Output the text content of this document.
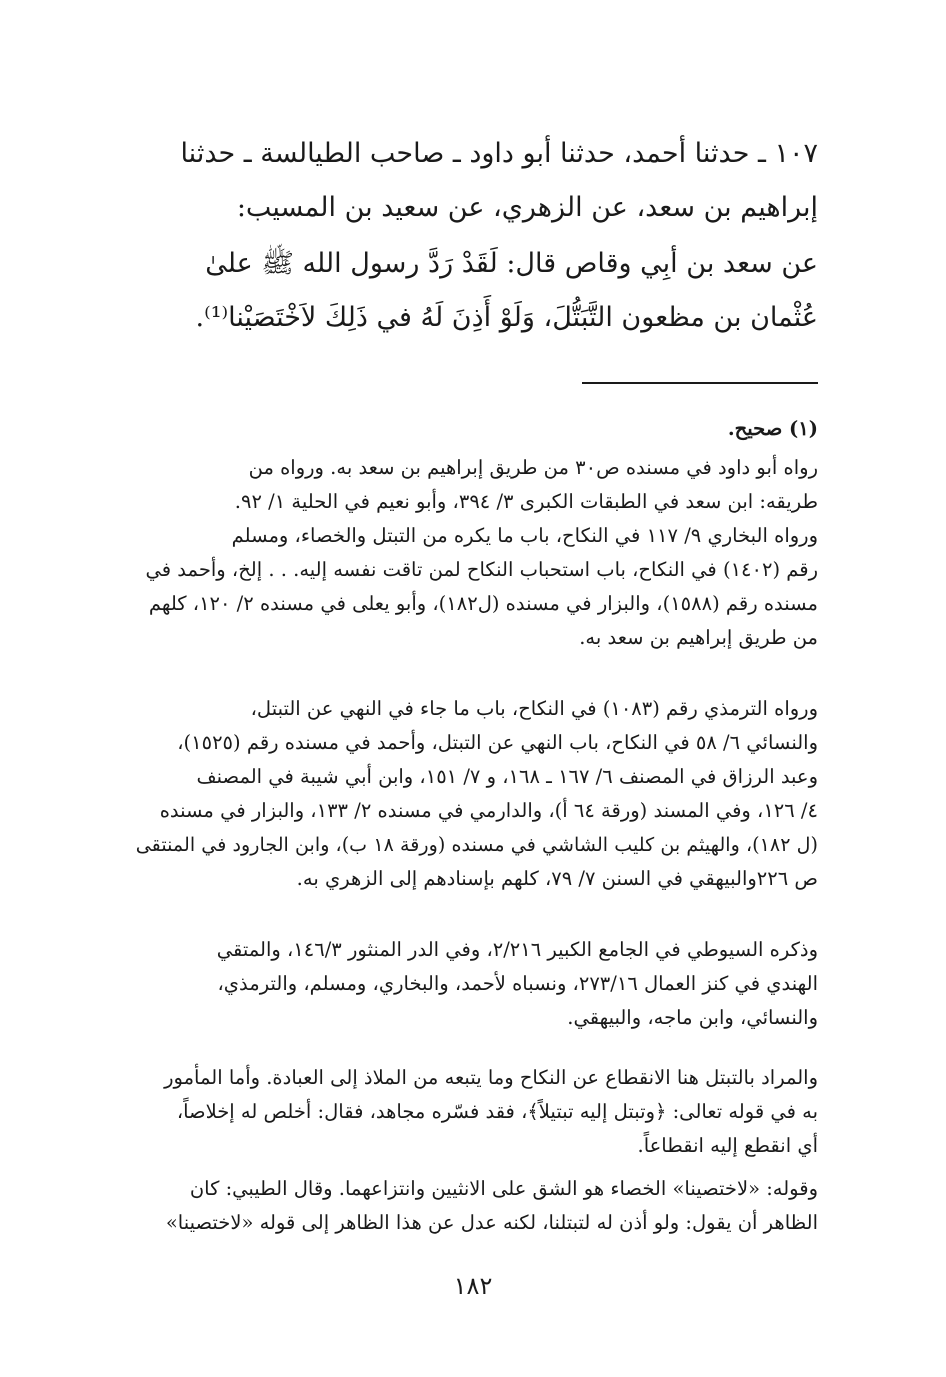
١٠٧ ـ حدثنا أحمد، حدثنا أبو داود ـ صاحب الطيالسة ـ حدثنا
إبراهيم بن سعد، عن الزهري، عن سعيد بن المسيب:
عن سعد بن أبِي وقاص قال: لَقَدْ رَدَّ رسول الله ﷺ علىٰ
عُثْمان بن مظعون التَّبَتُّلَ، وَلَوْ أَذِنَ لَهُ في ذَلِكَ لاَخْتَصَيْنا⁽¹⁾.
(١) صحيح.
رواه أبو داود في مسنده ص٣٠ من طريق إبراهيم بن سعد به. ورواه من
طريقه: ابن سعد في الطبقات الكبرى ٣/ ٣٩٤، وأبو نعيم في الحلية ١/ ٩٢.
ورواه البخاري ٩/ ١١٧ في النكاح، باب ما يكره من التبتل والخصاء، ومسلم
رقم (١٤٠٢) في النكاح، باب استحباب النكاح لمن تاقت نفسه إليه. . . إلخ، وأحمد في
مسنده رقم (١٥٨٨)، والبزار في مسنده (ل١٨٢)، وأبو يعلى في مسنده ٢/ ١٢٠، كلهم
من طريق إبراهيم بن سعد به.
ورواه الترمذي رقم (١٠٨٣) في النكاح، باب ما جاء في النهي عن التبتل،
والنسائي ٦/ ٥٨ في النكاح، باب النهي عن التبتل، وأحمد في مسنده رقم (١٥٢٥)،
وعبد الرزاق في المصنف ٦/ ١٦٧ ـ ١٦٨، و ٧/ ١٥١، وابن أبي شيبة في المصنف
٤/ ١٢٦، وفي المسند (ورقة ٦٤ أ)، والدارمي في مسنده ٢/ ١٣٣، والبزار في مسنده
(ل ١٨٢)، والهيثم بن كليب الشاشي في مسنده (ورقة ١٨ ب)، وابن الجارود في المنتقى
ص ٢٢٦والبيهقي في السنن ٧/ ٧٩، كلهم بإسنادهم إلى الزهري به.
وذكره السيوطي في الجامع الكبير ٢/٢١٦، وفي الدر المنثور ١٤٦/٣، والمتقي
الهندي في كنز العمال ٢٧٣/١٦، ونسباه لأحمد، والبخاري، ومسلم، والترمذي،
والنسائي، وابن ماجه، والبيهقي.
والمراد بالتبتل هنا الانقطاع عن النكاح وما يتبعه من الملاذ إلى العبادة. وأما المأمور
به في قوله تعالى: ﴿وتبتل إليه تبتيلاً﴾، فقد فسّره مجاهد، فقال: أخلص له إخلاصاً،
أي انقطع إليه انقطاعاً.
وقوله: «لاختصينا» الخصاء هو الشق على الانثيين وانتزاعهما. وقال الطيبي: كان
الظاهر أن يقول: ولو أذن له لتبتلنا، لكنه عدل عن هذا الظاهر إلى قوله «لاختصينا»
١٨٢
